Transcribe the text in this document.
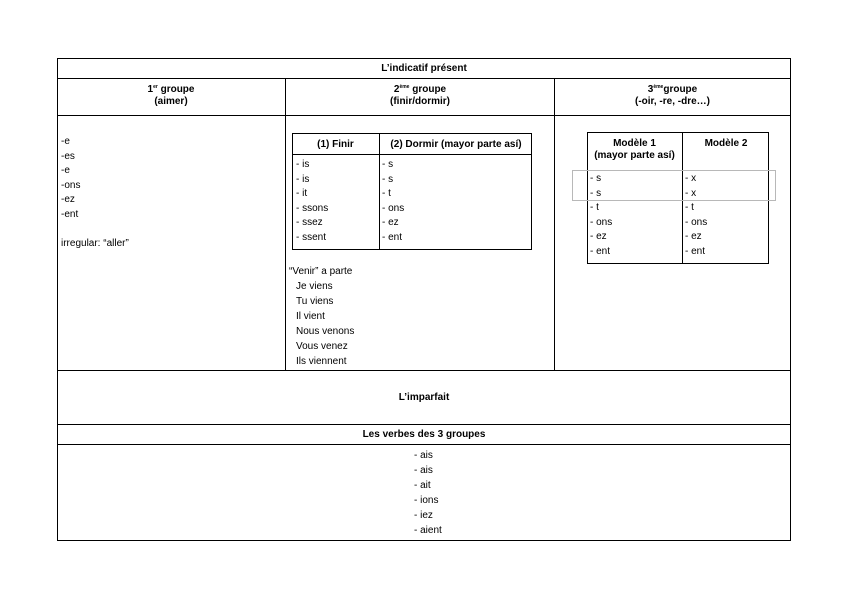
L’indicatif présent
1er groupe
(aimer)
2ème groupe
(finir/dormir)
3èmegroupe
(-oir, -re, -dre…)
-e
-es
-e
-ons
-ez
-ent
irregular: “aller”
(1) Finir	(2) Dormir (mayor parte así)
- is
- is
- it
- ssons
- ssez
- ssent
- s
- s
- t
- ons
- ez
- ent
“Venir” a parte
Je viens
Tu viens
Il vient
Nous venons
Vous venez
Ils viennent
Modèle 1
(mayor parte así)
Modèle 2
- s
- s
- t
- ons
- ez
- ent
- x
- x
- t
- ons
- ez
- ent
L’imparfait
Les verbes des 3 groupes
- ais
- ais
- ait
- ions
- iez
- aient
